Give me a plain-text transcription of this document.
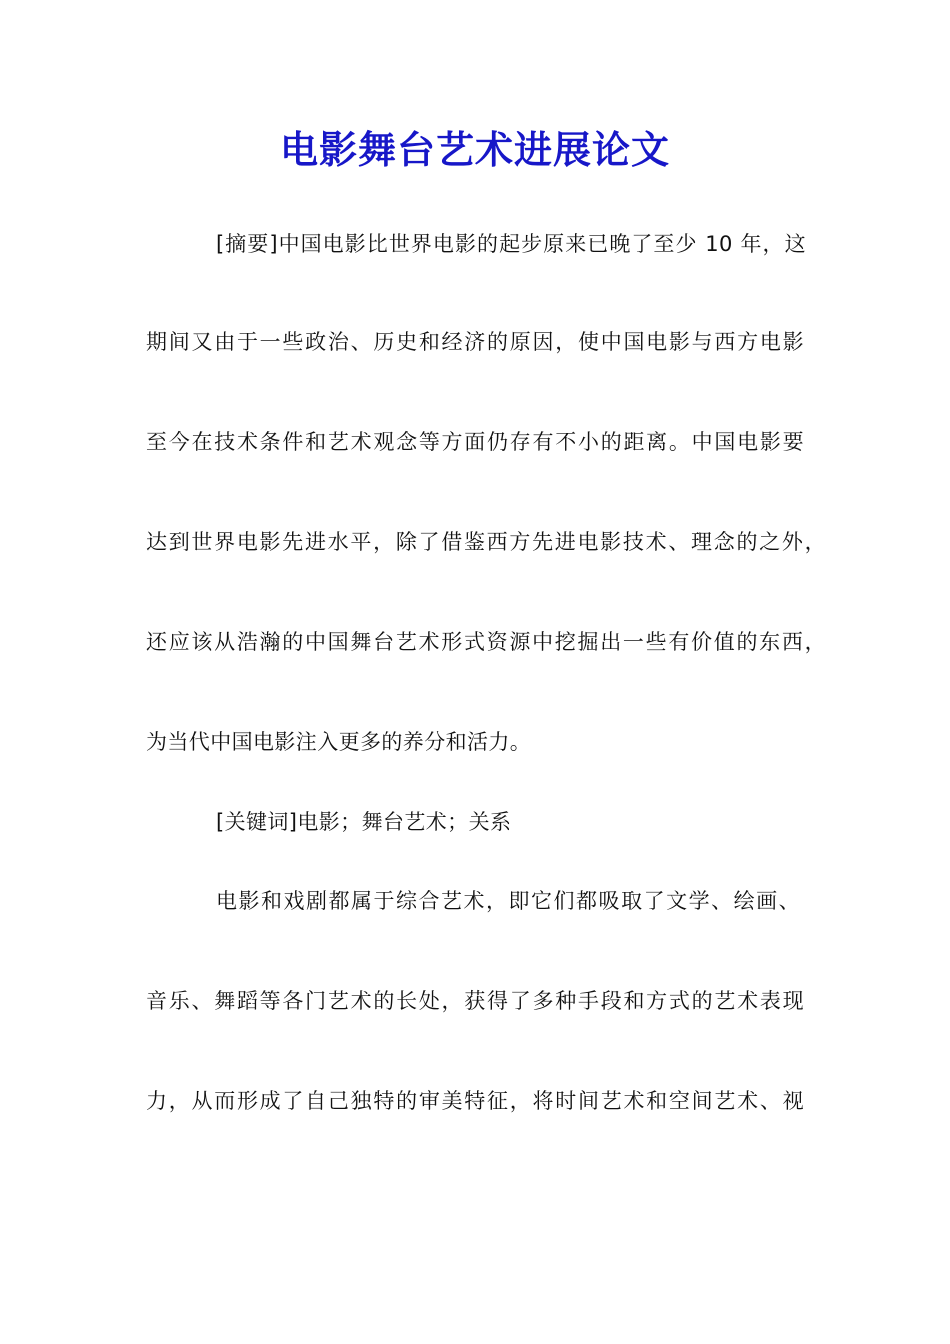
电影舞台艺术进展论文
[摘要]中国电影比世界电影的起步原来已晚了至少 10 年，这
期间又由于一些政治、历史和经济的原因，使中国电影与西方电影
至今在技术条件和艺术观念等方面仍存有不小的距离。中国电影要
达到世界电影先进水平，除了借鉴西方先进电影技术、理念的之外，
还应该从浩瀚的中国舞台艺术形式资源中挖掘出一些有价值的东西，
为当代中国电影注入更多的养分和活力。
[关键词]电影；舞台艺术；关系
电影和戏剧都属于综合艺术，即它们都吸取了文学、绘画、
音乐、舞蹈等各门艺术的长处，获得了多种手段和方式的艺术表现
力，从而形成了自己独特的审美特征，将时间艺术和空间艺术、视
